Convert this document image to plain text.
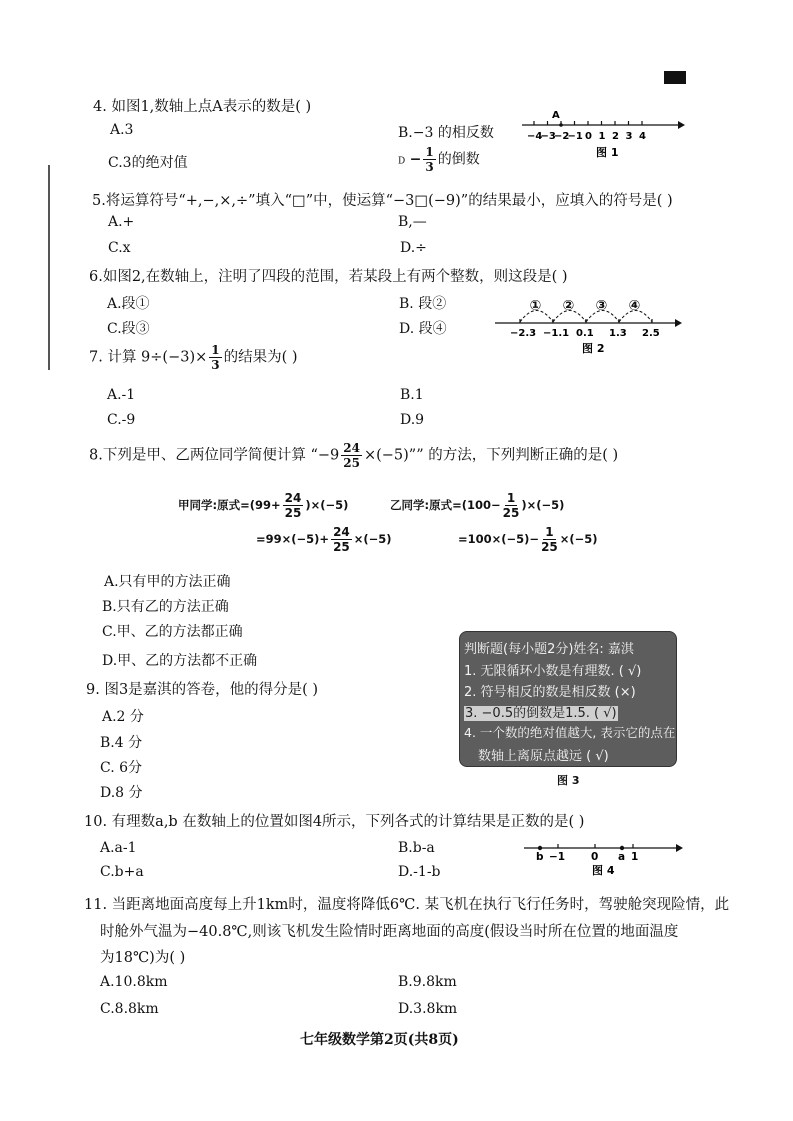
4. 如图1,数轴上点A表示的数是( )
A.3	B.−3 的相反数
C.3的绝对值	$D - \frac{1}{3}$ 的倒数
A
−4
−3
−2
−1 0 1 2 3 4
图 1
5.将运算符号“+,−,×,÷”填入“□”中，使运算“−3□(−9)”的结果最小，应填入的符号是( )
A.+	B,—
C.x	D.÷
6.如图2,在数轴上，注明了四段的范围，若某段上有两个整数，则这段是( )
A.段①	B. 段②
C.段③	D. 段④
① ② ③ ④
−2.3 −1.1 0.1 1.3 2.5
图 2
7. 计算 $9\div(-3)\times \frac{1}{3}$ 的结果为( )
A.-1	B.1
C.-9	D.9
8.下列是甲、乙两位同学简便计算 “$-9 \frac{24}{25} \times(-5)$”” 的方法，下列判断正确的是( )
甲同学:原式$=(99+ \frac{24}{25} )\times(-5)$
$=99\times(-5)+ \frac{24}{25} \times(-5)$
乙同学:原式$=(100- \frac{1}{25} )\times(-5)$
$=100\times(-5)- \frac{1}{25} \times(-5)$
A.只有甲的方法正确
B.只有乙的方法正确
C.甲、乙的方法都正确
D.甲、乙的方法都不正确
9. 图3是嘉淇的答卷，他的得分是( )
A.2 分
B.4 分
C. 6分
D.8 分
判断题(每小题2分)姓名: 嘉淇
1. 无限循环小数是有理数. ( √)
2. 符号相反的数是相反数 (×)
3. −0.5的倒数是1.5. ( √)
4. 一个数的绝对值越大, 表示它的点在
数轴上离原点越远 ( √)
图 3
10. 有理数a,b 在数轴上的位置如图4所示，下列各式的计算结果是正数的是( )
A.a-1	B.b-a
C.b+a	D.-1-b
b −1 0 a 1
图 4
11. 当距离地面高度每上升1km时，温度将降低6℃. 某飞机在执行飞行任务时，驾驶舱突现险情，此
时舱外气温为−40.8℃,则该飞机发生险情时距离地面的高度(假设当时所在位置的地面温度
为18℃)为( )
A.10.8km	B.9.8km
C.8.8km	D.3.8km
七年级数学第2页(共8页)
